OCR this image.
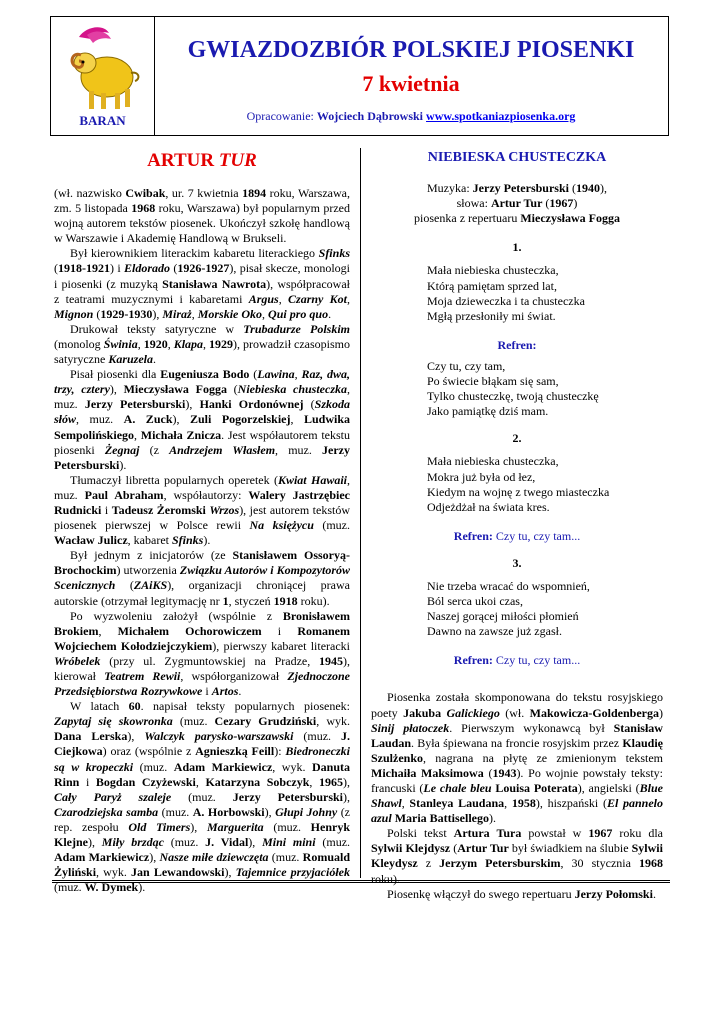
BARAN
GWIAZDOZBIÓR POLSKIEJ PIOSENKI
7 kwietnia
Opracowanie: Wojciech Dąbrowski www.spotkaniazpiosenka.org
ARTUR TUR

(wł. nazwisko Cwibak, ur. 7 kwietnia 1894 roku, Warszawa, zm. 5 listopada 1968 roku, Warszawa) był popularnym przed wojną autorem tekstów piosenek. Ukończył szkołę handlową w Warszawie i Akademię Handlową w Brukseli.

Był kierownikiem literackim kabaretu literackiego Sfinks (1918-1921) i Eldorado (1926-1927), pisał skecze, monologi i piosenki (z muzyką Stanisława Nawrota), współpracował z teatrami muzycznymi i kabaretami Argus, Czarny Kot, Mignon (1929-1930), Miraż, Morskie Oko, Qui pro quo.

Drukował teksty satyryczne w Trubadurze Polskim (monolog Świnia, 1920, Klapa, 1929), prowadził czasopismo satyryczne Karuzela.

Pisał piosenki dla Eugeniusza Bodo (Lawina, Raz, dwa, trzy, cztery), Mieczysława Fogga (Niebieska chusteczka, muz. Jerzy Petersburski), Hanki Ordonównej (Szkoda słów, muz. A. Zuck), Zuli Pogorzelskiej, Ludwika Sempolińskiego, Michała Znicza. Jest współautorem tekstu piosenki Żegnaj (z Andrzejem Własłem, muz. Jerzy Petersburski).

Tłumaczył libretta popularnych operetek (Kwiat Hawaii, muz. Paul Abraham, współautorzy: Walery Jastrzębiec Rudnicki i Tadeusz Żeromski Wrzos), jest autorem tekstów piosenek pierwszej w Polsce rewii Na księżycu (muz. Wacław Julicz, kabaret Sfinks).

Był jednym z inicjatorów (ze Stanisławem Ossoryą-Brochockim) utworzenia Związku Autorów i Kompozytorów Scenicznych (ZAiKS), organizacji chroniącej prawa autorskie (otrzymał legitymację nr 1, styczeń 1918 roku).

Po wyzwoleniu założył (wspólnie z Bronisławem Brokiem, Michałem Ochorowiczem i Romanem Wojciechem Kołodziejczykiem), pierwszy kabaret literacki Wróbelek (przy ul. Zygmuntowskiej na Pradze, 1945), kierował Teatrem Rewii, współorganizował Zjednoczone Przedsiębiorstwa Rozrywkowe i Artos.

W latach 60. napisał teksty popularnych piosenek: Zapytaj się skowronka (muz. Cezary Grudziński, wyk. Dana Lerska), Walczyk parysko-warszawski (muz. J. Ciejkowa) oraz (wspólnie z Agnieszką Feill): Biedroneczki są w kropeczki (muz. Adam Markiewicz, wyk. Danuta Rinn i Bogdan Czyżewski, Katarzyna Sobczyk, 1965), Cały Paryż szaleje (muz. Jerzy Petersburski), Czarodziejska samba (muz. A. Horbowski), Głupi Johny (z rep. zespołu Old Timers), Marguerita (muz. Henryk Klejne), Miły brzdąc (muz. J. Vidal), Mini mini (muz. Adam Markiewicz), Nasze miłe dziewczęta (muz. Romuald Żyliński, wyk. Jan Lewandowski), Tajemnice przyjaciółek (muz. W. Dymek).

NIEBIESKA CHUSTECZKA
Muzyka: Jerzy Petersburski (1940),
słowa: Artur Tur (1967)
piosenka z repertuaru Mieczysława Fogga
1.
Mała niebieska chusteczka,
Którą pamiętam sprzed lat,
Moja dzieweczka i ta chusteczka
Mgłą przesłoniły mi świat.
Refren:
Czy tu, czy tam,
Po świecie błąkam się sam,
Tylko chusteczkę, twoją chusteczkę
Jako pamiątkę dziś mam.
2.
Mała niebieska chusteczka,
Mokra już była od łez,
Kiedym na wojnę z twego miasteczka
Odjeżdżał na świata kres.
Refren: Czy tu, czy tam...
3.
Nie trzeba wracać do wspomnień,
Ból serca ukoi czas,
Naszej gorącej miłości płomień
Dawno na zawsze już zgasł.
Refren: Czy tu, czy tam...

Piosenka została skomponowana do tekstu rosyjskiego poety Jakuba Galickiego (wł. Makowicza-Goldenberga) Sinij płatoczek. Pierwszym wykonawcą był Stanisław Laudan. Była śpiewana na froncie rosyjskim przez Klaudię Szulżenko, nagrana na płytę ze zmienionym tekstem Michaiła Maksimowa (1943). Po wojnie powstały teksty: francuski (Le chale bleu Louisa Poterata), angielski (Blue Shawl, Stanleya Laudana, 1958), hiszpański (El pannelo azul Maria Battisellego).

Polski tekst Artura Tura powstał w 1967 roku dla Sylwii Klejdysz (Artur Tur był świadkiem na ślubie Sylwii Kleydysz z Jerzym Petersburskim, 30 stycznia 1968 roku).

Piosenkę włączył do swego repertuaru Jerzy Połomski.
